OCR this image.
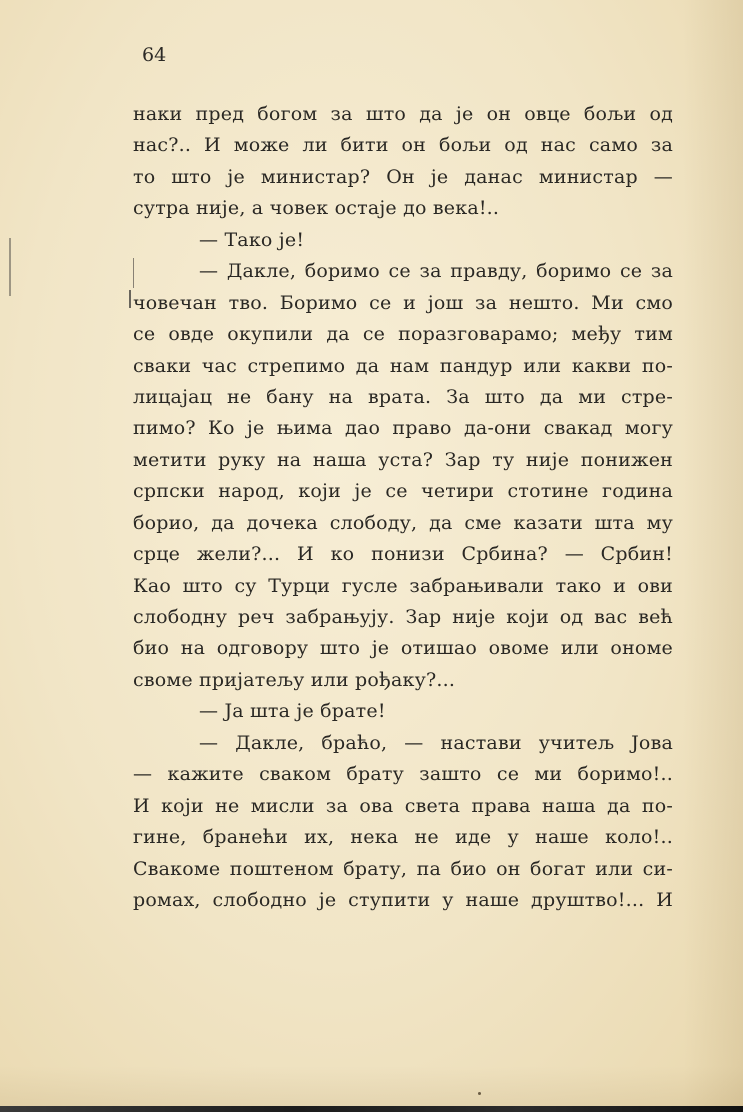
64
наки пред богом за што да је он овце бољи од
нас?.. И може ли бити он бољи од нас само за
то што је министар? Он је данас министар —
сутра није, а човек остаје до века!..
— Тако је!
— Дакле, боримо се за правду, боримо се за
човечан тво. Боримо се и још за нешто. Ми смо
се овде окупили да се поразговарамо; међу тим
сваки час стрепимо да нам пандур или какви по-
лицајац не бану на врата. За што да ми стре-
пимо? Ко је њима дао право да-они свакад могу
метити руку на наша уста? Зар ту није понижен
српски народ, који је се четири стотине година
борио, да дочека слободу, да сме казати шта му
срце жели?... И ко понизи Србина? — Србин!
Као што су Турци гусле забрањивали тако и ови
слободну реч забрањују. Зар није који од вас већ
био на одговору што је отишао овоме или ономе
своме пријатељу или рођаку?...
— Ја шта је брате!
— Дакле, браћо, — настави учитељ Јова
— кажите сваком брату зашто се ми боримо!..
И који не мисли за ова света права наша да по-
гине, бранећи их, нека не иде у наше коло!..
Свакоме поштеном брату, па био он богат или си-
ромах, слободно је ступити у наше друштво!... И
